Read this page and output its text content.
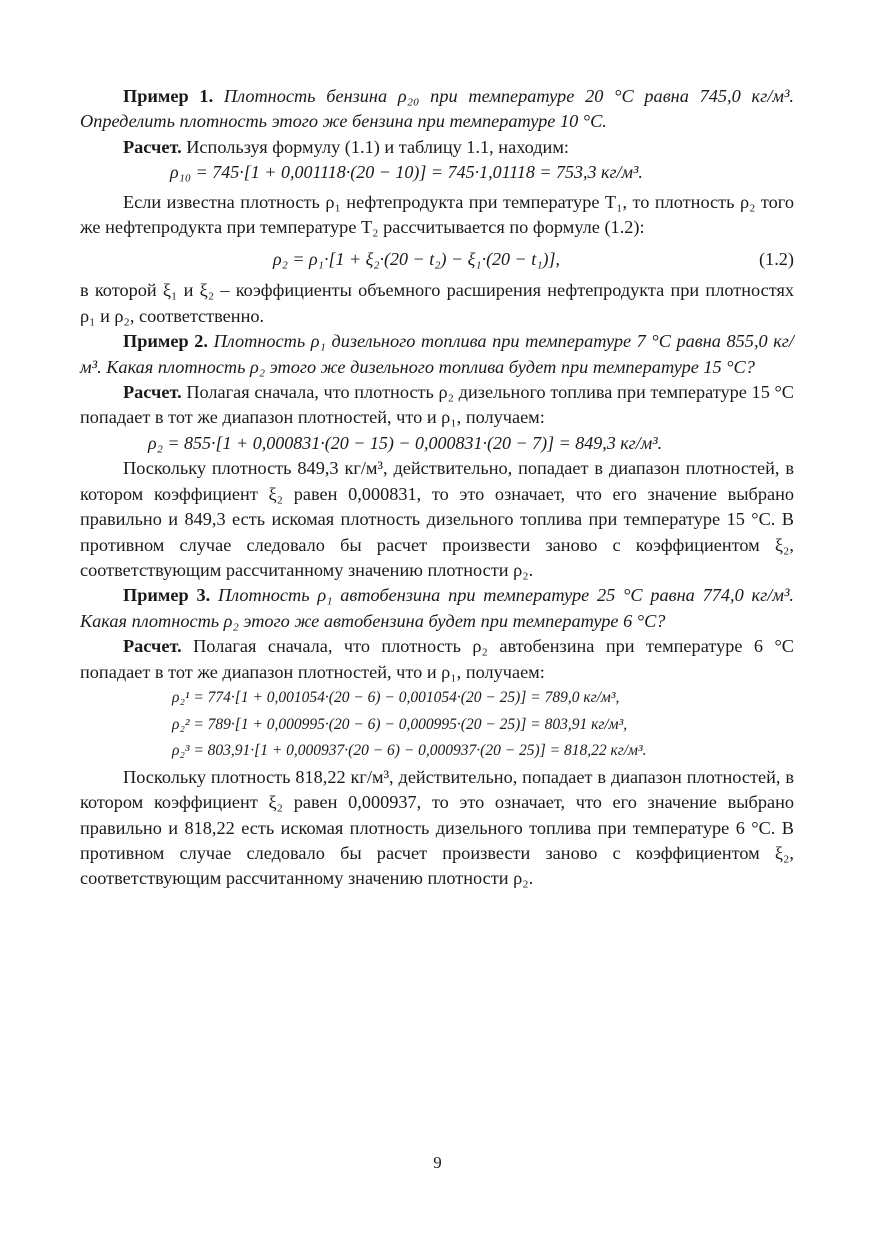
Пример 1. Плотность бензина ρ₂₀ при температуре 20 °С равна 745,0 кг/м³. Определить плотность этого же бензина при температуре 10 °С.

Расчет. Используя формулу (1.1) и таблицу 1.1, находим:

ρ₁₀ = 745·[1 + 0,001118·(20 − 10)] = 745·1,01118 = 753,3 кг/м³.

Если известна плотность ρ₁ нефтепродукта при температуре T₁, то плотность ρ₂ того же нефтепродукта при температуре T₂ рассчитывается по формуле (1.2):

ρ₂ = ρ₁·[1 + ξ₂·(20 − t₂) − ξ₁·(20 − t₁)],	(1.2)

в которой ξ₁ и ξ₂ – коэффициенты объемного расширения нефтепродукта при плотностях ρ₁ и ρ₂, соответственно.

Пример 2. Плотность ρ₁ дизельного топлива при температуре 7 °С равна 855,0 кг/м³. Какая плотность ρ₂ этого же дизельного топлива будет при температуре 15 °С?

Расчет. Полагая сначала, что плотность ρ₂ дизельного топлива при температуре 15 °С попадает в тот же диапазон плотностей, что и ρ₁, получаем:

ρ₂ = 855·[1 + 0,000831·(20 − 15) − 0,000831·(20 − 7)] = 849,3 кг/м³.

Поскольку плотность 849,3 кг/м³, действительно, попадает в диапазон плотностей, в котором коэффициент ξ₂ равен 0,000831, то это означает, что его значение выбрано правильно и 849,3 есть искомая плотность дизельного топлива при температуре 15 °С. В противном случае следовало бы расчет произвести заново с коэффициентом ξ₂, соответствующим рассчитанному значению плотности ρ₂.

Пример 3. Плотность ρ₁ автобензина при температуре 25 °С равна 774,0 кг/м³. Какая плотность ρ₂ этого же автобензина будет при температуре 6 °С?

Расчет. Полагая сначала, что плотность ρ₂ автобензина при температуре 6 °С попадает в тот же диапазон плотностей, что и ρ₁, получаем:

ρ₂¹ = 774·[1 + 0,001054·(20 − 6) − 0,001054·(20 − 25)] = 789,0 кг/м³,
ρ₂² = 789·[1 + 0,000995·(20 − 6) − 0,000995·(20 − 25)] = 803,91 кг/м³,
ρ₂³ = 803,91·[1 + 0,000937·(20 − 6) − 0,000937·(20 − 25)] = 818,22 кг/м³.

Поскольку плотность 818,22 кг/м³, действительно, попадает в диапазон плотностей, в котором коэффициент ξ₂ равен 0,000937, то это означает, что его значение выбрано правильно и 818,22 есть искомая плотность дизельного топлива при температуре 6 °С. В противном случае следовало бы расчет произвести заново с коэффициентом ξ₂, соответствующим рассчитанному значению плотности ρ₂.

9
